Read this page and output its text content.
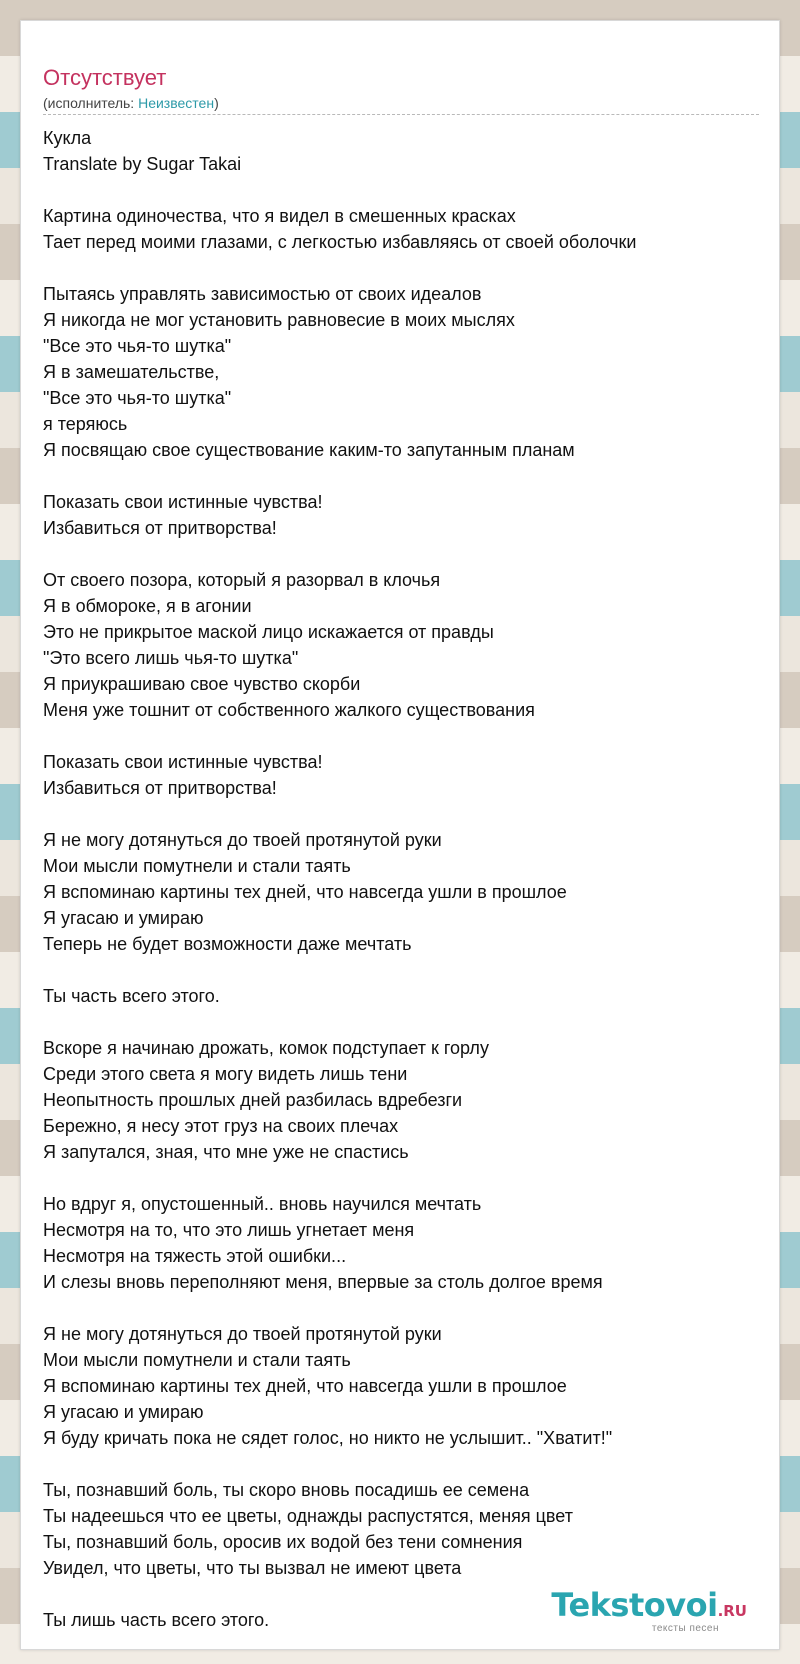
Отсутствует
(исполнитель: Неизвестен)
Кукла
Translate by Sugar Takai
Картина одиночества, что я видел в смешенных красках
Тает перед моими глазами, с легкостью избавляясь от своей оболочки
Пытаясь управлять зависимостью от своих идеалов
Я никогда не мог установить равновесие в моих мыслях
"Все это чья-то шутка"
Я в замешательстве,
"Все это чья-то шутка"
я теряюсь
Я посвящаю свое существование каким-то запутанным планам
Показать свои истинные чувства!
Избавиться от притворства!
От своего позора, который я разорвал в клочья
Я в обмороке, я в агонии
Это не прикрытое маской лицо искажается от правды
"Это всего лишь чья-то шутка"
Я приукрашиваю свое чувство скорби
Меня уже тошнит от собственного жалкого существования
Показать свои истинные чувства!
Избавиться от притворства!
Я не могу дотянуться до твоей протянутой руки
Мои мысли помутнели и стали таять
Я вспоминаю картины тех дней, что навсегда ушли в прошлое
Я угасаю и умираю
Теперь не будет возможности даже мечтать
Ты часть всего этого.
Вскоре я начинаю дрожать, комок подступает к горлу
Среди этого света я могу видеть лишь тени
Неопытность прошлых дней разбилась вдребезги
Бережно, я несу этот груз на своих плечах
Я запутался, зная, что мне уже не спастись
Но вдруг я, опустошенный.. вновь научился мечтать
Несмотря на то, что это лишь угнетает меня
Несмотря на тяжесть этой ошибки...
И слезы вновь переполняют меня, впервые за столь долгое время
Я не могу дотянуться до твоей протянутой руки
Мои мысли помутнели и стали таять
Я вспоминаю картины тех дней, что навсегда ушли в прошлое
Я угасаю и умираю
Я буду кричать пока не сядет голос, но никто не услышит.. "Хватит!"
Ты, познавший боль, ты скоро вновь посадишь ее семена
Ты надеешься что ее цветы, однажды распустятся, меняя цвет
Ты, познавший боль, оросив их водой без тени сомнения
Увидел, что цветы, что ты вызвал не имеют цвета
Ты лишь часть всего этого.	Tekstovoi.RU
тексты песен
